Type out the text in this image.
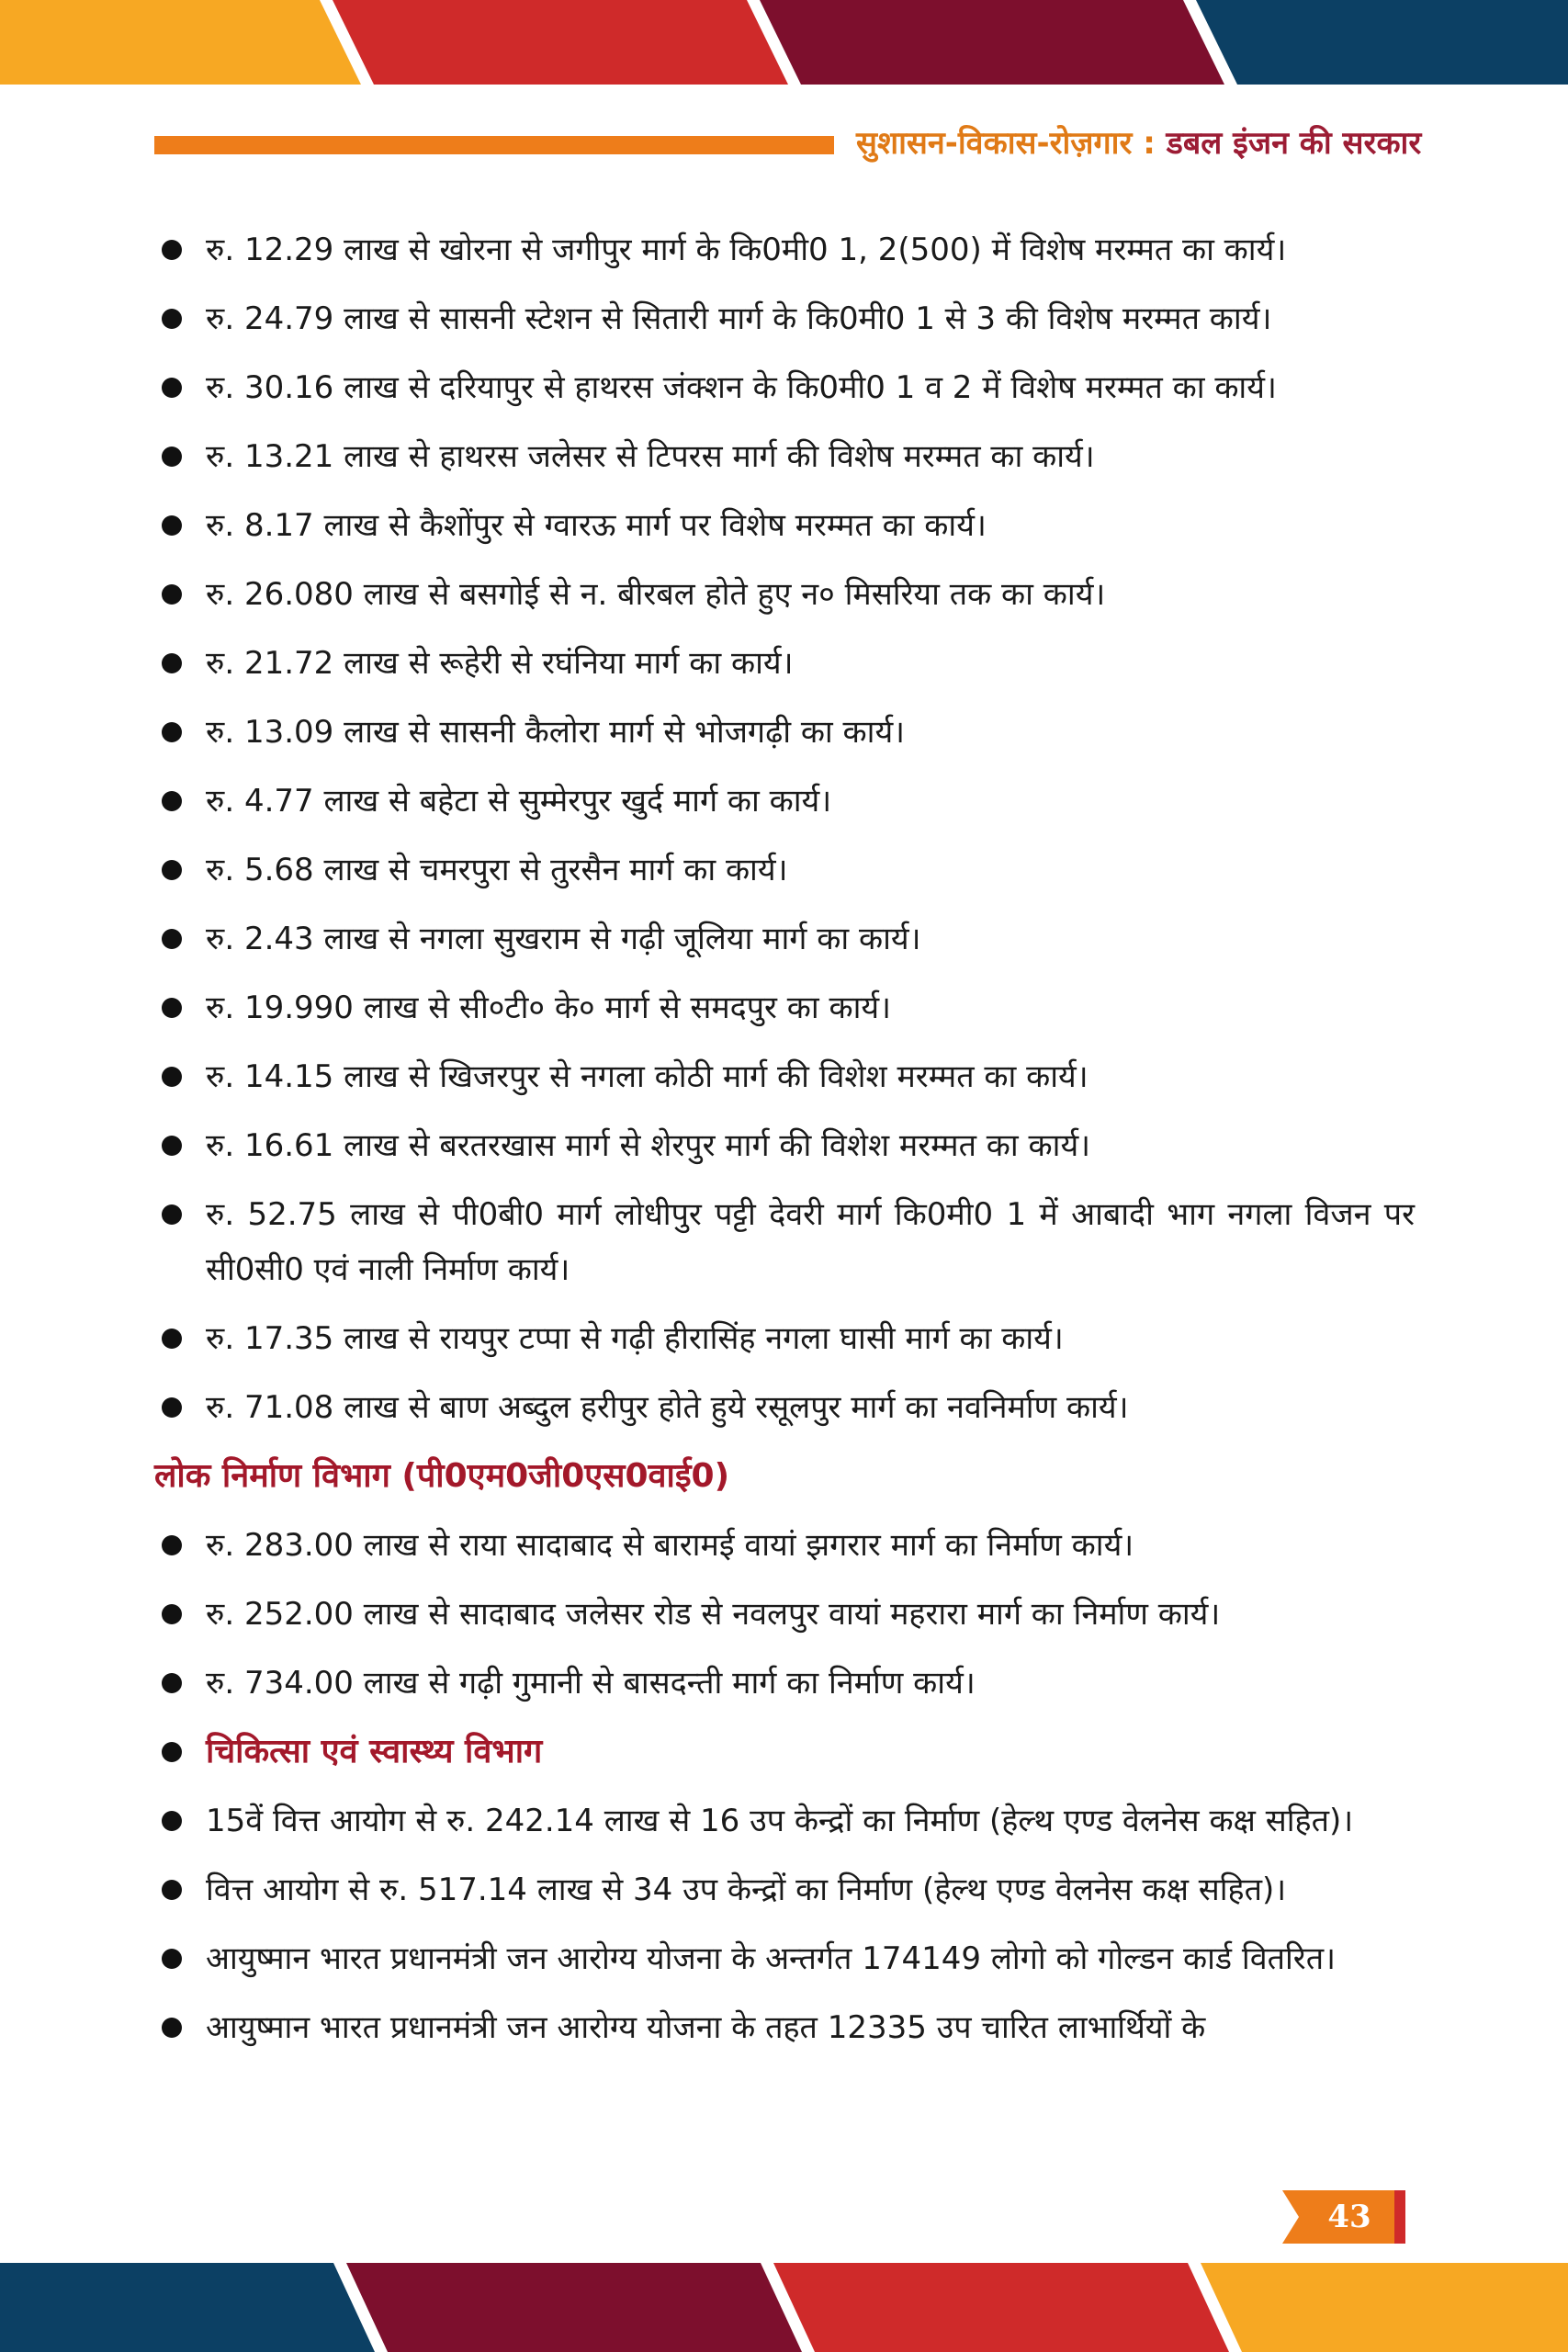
सुशासन-विकास-रोज़गार : डबल इंजन की सरकार
रु. 12.29 लाख से खोरना से जगीपुर मार्ग के कि0मी0 1, 2(500) में विशेष मरम्मत का कार्य।
रु. 24.79 लाख से सासनी स्टेशन से सितारी मार्ग के कि0मी0 1 से 3 की विशेष मरम्मत कार्य।
रु. 30.16 लाख से दरियापुर से हाथरस जंक्शन के कि0मी0 1 व 2 में विशेष मरम्मत का कार्य।
रु. 13.21 लाख से हाथरस जलेसर से टिपरस मार्ग की विशेष मरम्मत का कार्य।
रु. 8.17 लाख से कैशोंपुर से ग्वारऊ मार्ग पर विशेष मरम्मत का कार्य।
रु. 26.080 लाख से बसगोई से न. बीरबल होते हुए न० मिसरिया तक का कार्य।
रु. 21.72 लाख से रूहेरी से रघंनिया मार्ग का कार्य।
रु. 13.09 लाख से सासनी कैलोरा मार्ग से भोजगढ़ी का कार्य।
रु. 4.77 लाख से बहेटा से सुम्मेरपुर खुर्द मार्ग का कार्य।
रु. 5.68 लाख से चमरपुरा से तुरसैन मार्ग का कार्य।
रु. 2.43 लाख से नगला सुखराम से गढ़ी जूलिया मार्ग का कार्य।
रु. 19.990 लाख से सी०टी० के० मार्ग से समदपुर का कार्य।
रु. 14.15 लाख से खिजरपुर से नगला कोठी मार्ग की विशेश मरम्मत का कार्य।
रु. 16.61 लाख से बरतरखास मार्ग से शेरपुर मार्ग की विशेश मरम्मत का कार्य।
रु. 52.75 लाख से पी0बी0 मार्ग लोधीपुर पट्टी देवरी मार्ग कि0मी0 1 में आबादी भाग नगला विजन पर सी0सी0 एवं नाली निर्माण कार्य।
रु. 17.35 लाख से रायपुर टप्पा से गढ़ी हीरासिंह नगला घासी मार्ग का कार्य।
रु. 71.08 लाख से बाण अब्दुल हरीपुर होते हुये रसूलपुर मार्ग का नवनिर्माण कार्य।
लोक निर्माण विभाग (पी0एम0जी0एस0वाई0)
रु. 283.00 लाख से राया सादाबाद से बारामई वायां झगरार मार्ग का निर्माण कार्य।
रु. 252.00 लाख से सादाबाद जलेसर रोड से नवलपुर वायां महरारा मार्ग का निर्माण कार्य।
रु. 734.00 लाख से गढ़ी गुमानी से बासदन्ती मार्ग का निर्माण कार्य।
चिकित्सा एवं स्वास्थ्य विभाग
15वें वित्त आयोग से रु. 242.14 लाख से 16 उप केन्द्रों का निर्माण (हेल्थ एण्ड वेलनेस कक्ष सहित)।
वित्त आयोग से रु. 517.14 लाख से 34 उप केन्द्रों का निर्माण (हेल्थ एण्ड वेलनेस कक्ष सहित)।
आयुष्मान भारत प्रधानमंत्री जन आरोग्य योजना के अन्तर्गत 174149 लोगो को गोल्डन कार्ड वितरित।
आयुष्मान भारत प्रधानमंत्री जन आरोग्य योजना के तहत 12335 उप चारित लाभार्थियों के
43
